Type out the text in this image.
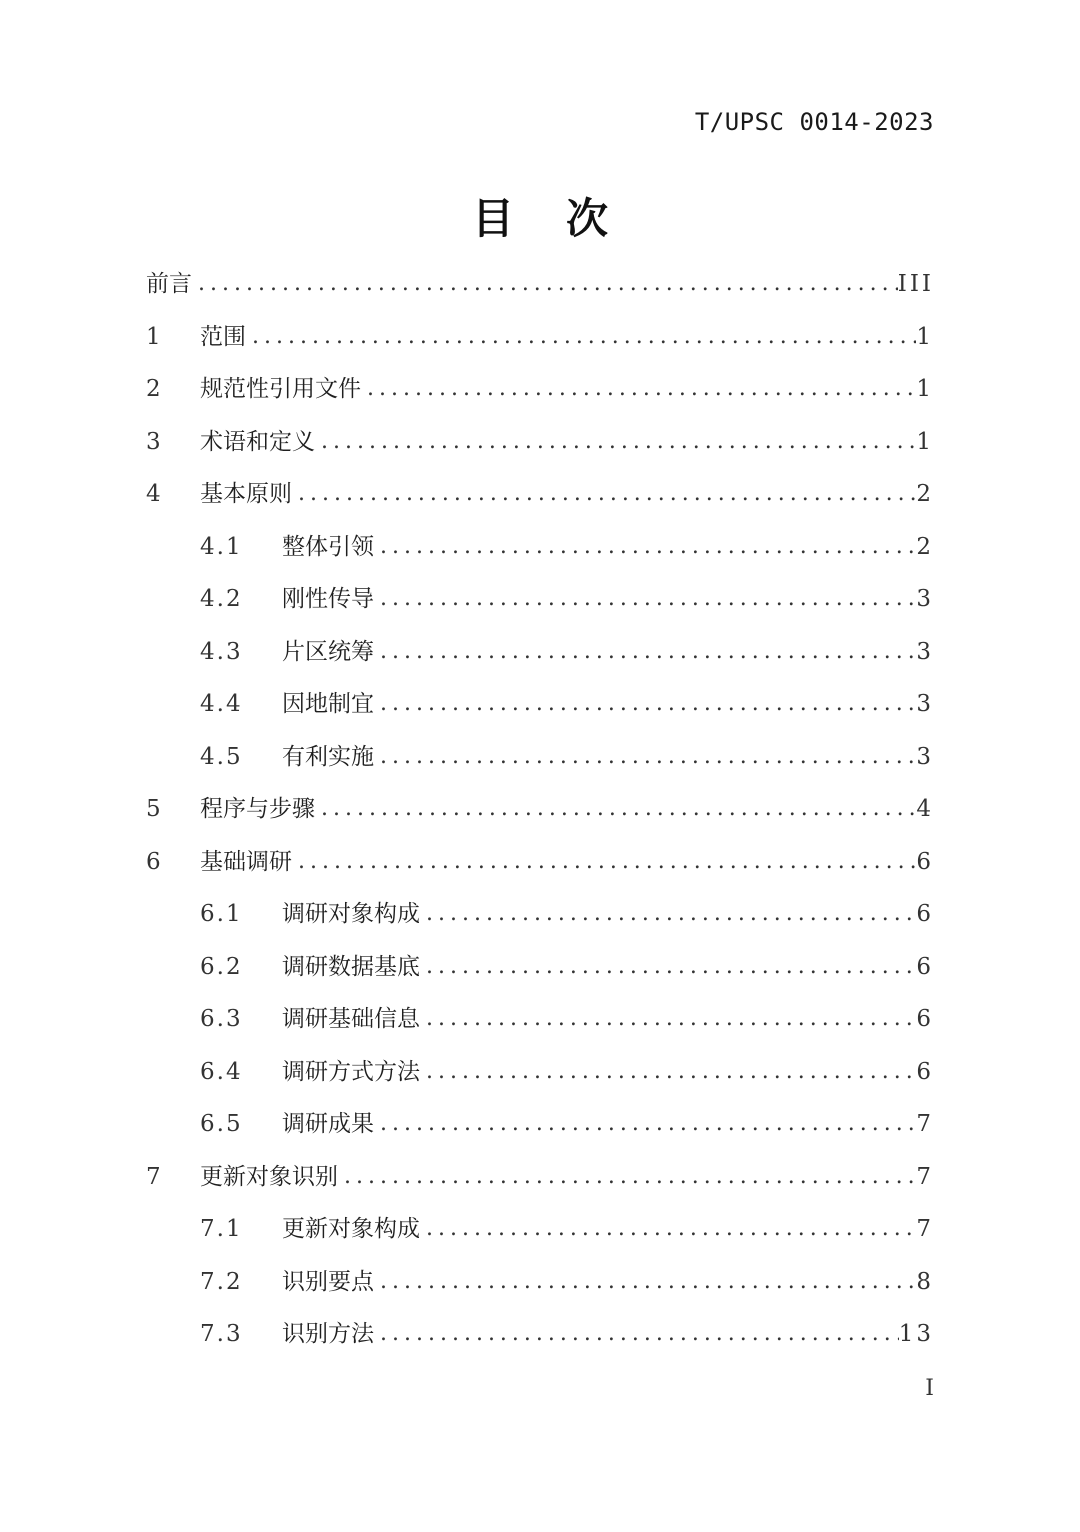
T/UPSC 0014-2023
目 次
前言 .....	III
1	范围 .....	1
2	规范性引用文件 .....	1
3	术语和定义 .....	1
4	基本原则 .....	2
4.1	整体引领 .....	2
4.2	刚性传导 .....	3
4.3	片区统筹 .....	3
4.4	因地制宜 .....	3
4.5	有利实施 .....	3
5	程序与步骤 .....	4
6	基础调研 .....	6
6.1	调研对象构成 .....	6
6.2	调研数据基底 .....	6
6.3	调研基础信息 .....	6
6.4	调研方式方法 .....	6
6.5	调研成果 .....	7
7	更新对象识别 .....	7
7.1	更新对象构成 .....	7
7.2	识别要点 .....	8
7.3	识别方法 .....	13
I
